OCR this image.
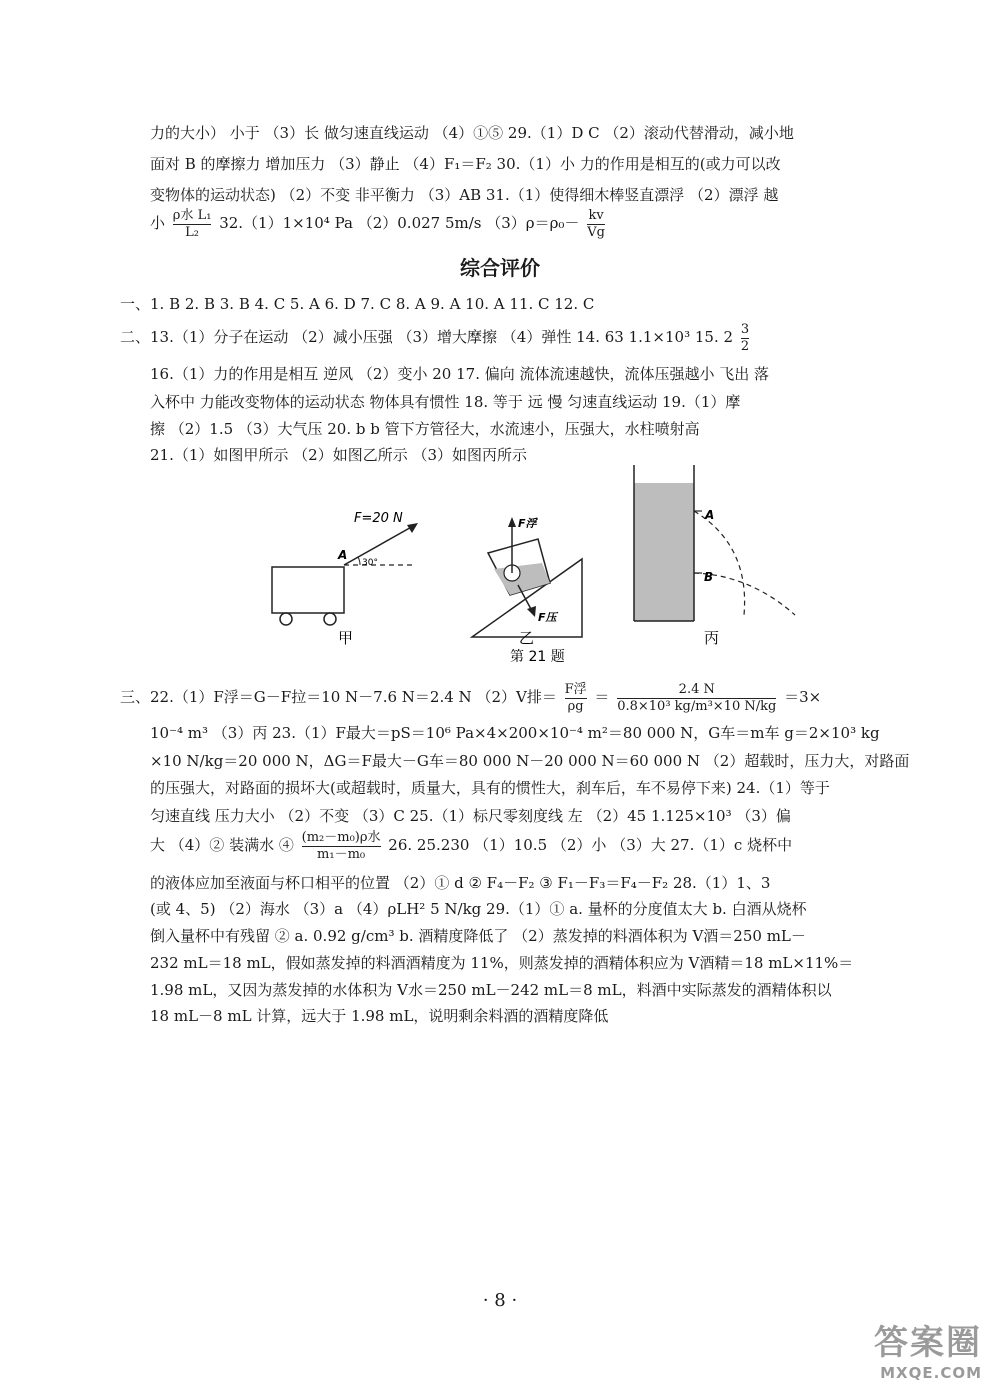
力的大小） 小于 （3）长 做匀速直线运动 （4）①⑤ 29.（1）D C （2）滚动代替滑动，减小地
面对 B 的摩擦力 增加压力 （3）静止 （4）F₁＝F₂ 30.（1）小 力的作用是相互的(或力可以改
变物体的运动状态) （2）不变 非平衡力 （3）AB 31.（1）使得细木棒竖直漂浮 （2）漂浮 越
小 $\frac{\text{ρ水 L₁}}{\text{L₂}} 32.(1)1\times 10^4$ Pa （2）0.027 5m/s $(3)\rho=\rho_0- \frac{kv}{Vg}$
综合评价
一、1. B 2. B 3. B 4. C 5. A 6. D 7. C 8. A 9. A 10. A 11. C 12. C
二、13.（1）分子在运动 （2）减小压强 （3）增大摩擦 （4）弹性 14. 63 1.1×10³ 15. $2 \frac{3}{2}$
16.（1）力的作用是相互 逆风 （2）变小 20 17. 偏向 流体流速越快，流体压强越小 飞出 落
入杯中 力能改变物体的运动状态 物体具有惯性 18. 等于 远 慢 匀速直线运动 19.（1）摩
擦 （2）1.5 （3）大气压 20. b b 管下方管径大，水流速小，压强大，水柱喷射高
21.（1）如图甲所示 （2）如图乙所示 （3）如图丙所示
F=20 N
A
30°
甲
F浮
F压
乙
A
B
丙
第 21 题
三、22.（1）F浮＝G－F拉＝10 N－7.6 N＝2.4 N （2）V排＝ $\frac{\text{F浮}}{\rho g} = \frac{2.4 N}{\text{0.8×10³ kg/m³×10 N/kg}} =3\times$
10⁻⁴ m³ （3）丙 23.（1）F最大＝pS＝10⁶ Pa×4×200×10⁻⁴ m²＝80 000 N，G车＝m车 g＝2×10³ kg
×10 N/kg＝20 000 N，ΔG＝F最大－G车＝80 000 N－20 000 N＝60 000 N （2）超载时，压力大，对路面
的压强大，对路面的损坏大(或超载时，质量大，具有的惯性大，刹车后，车不易停下来) 24.（1）等于
匀速直线 压力大小 （2）不变 （3）C 25.（1）标尺零刻度线 左 （2）45 1.125×10³ （3）偏
大 （4）② 装满水 ④ $\frac{\text{(m₂－m₀)ρ水}}{\text{m₁－m₀}} 26$. 25.230 （1）10.5 （2）小 （3）大 27.（1）c 烧杯中
的液体应加至液面与杯口相平的位置 （2）① d ② F₄－F₂ ③ F₁－F₃＝F₄－F₂ 28.（1）1、3
(或 4、5) （2）海水 （3）a （4）ρLH² 5 N/kg 29.（1）① a. 量杯的分度值太大 b. 白酒从烧杯
倒入量杯中有残留 ② a. 0.92 g/cm³ b. 酒精度降低了 （2）蒸发掉的料酒体积为 V酒＝250 mL－
232 mL＝18 mL，假如蒸发掉的料酒酒精度为 11%，则蒸发掉的酒精体积应为 V酒精＝18 mL×11%＝
1.98 mL，又因为蒸发掉的水体积为 V水＝250 mL－242 mL＝8 mL，料酒中实际蒸发的酒精体积以
18 mL－8 mL 计算，远大于 1.98 mL，说明剩余料酒的酒精度降低
· 8 ·
答案圈
MXQE.COM
